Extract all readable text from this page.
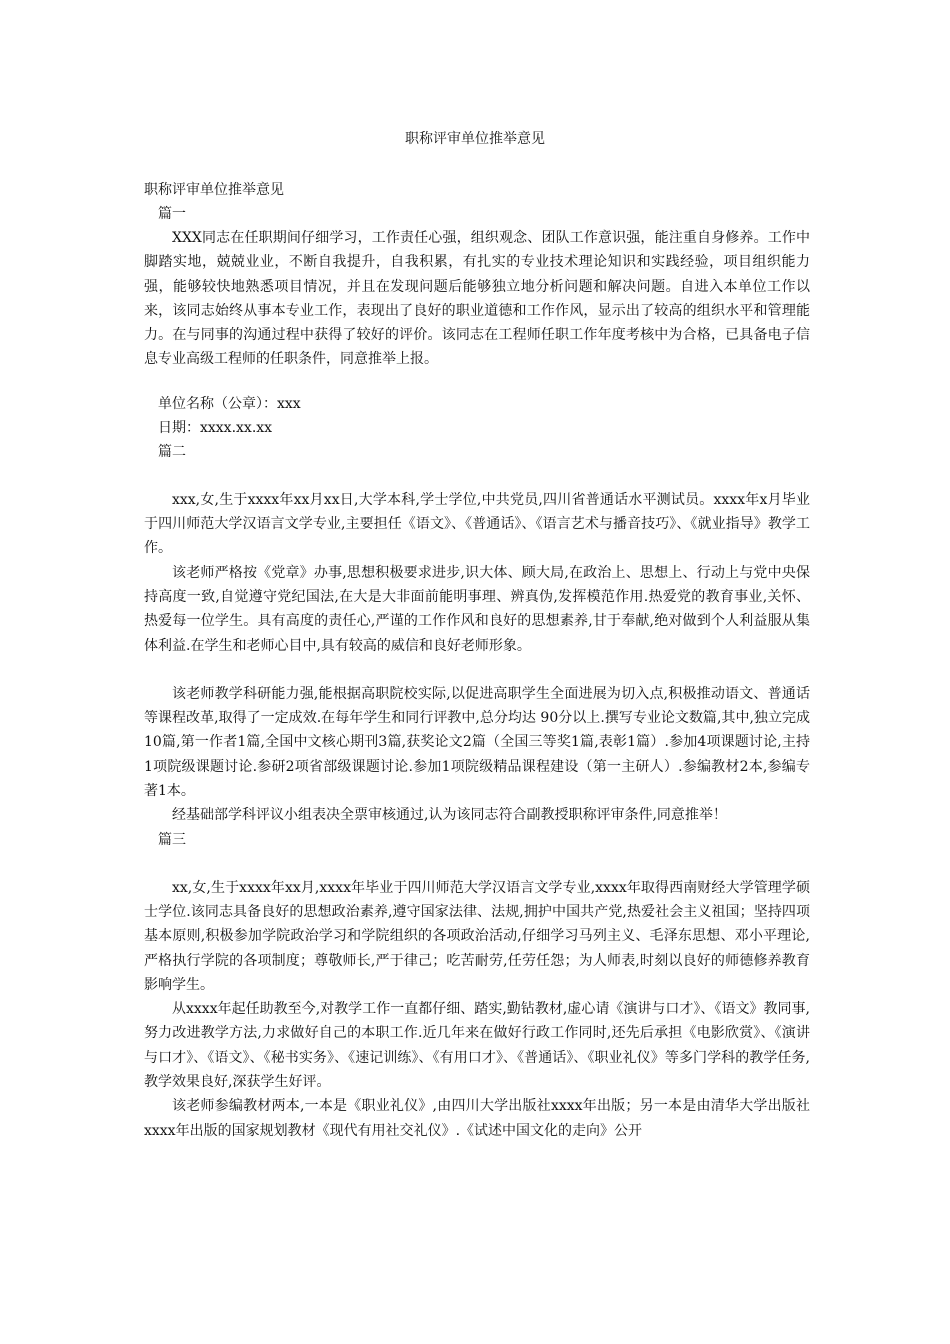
职称评审单位推举意见

职称评审单位推举意见

篇一

XXX同志在任职期间仔细学习，工作责任心强，组织观念、团队工作意识强，能注重自身修养。工作中脚踏实地，兢兢业业，不断自我提升，自我积累，有扎实的专业技术理论知识和实践经验，项目组织能力强，能够较快地熟悉项目情况，并且在发现问题后能够独立地分析问题和解决问题。自进入本单位工作以来，该同志始终从事本专业工作，表现出了良好的职业道德和工作作风，显示出了较高的组织水平和管理能力。在与同事的沟通过程中获得了较好的评价。该同志在工程师任职工作年度考核中为合格，已具备电子信息专业高级工程师的任职条件，同意推举上报。

单位名称（公章）：xxx

日期：xxxx.xx.xx

篇二

xxx,女,生于xxxx年xx月xx日,大学本科,学士学位,中共党员,四川省普通话水平测试员。xxxx年x月毕业于四川师范大学汉语言文学专业,主要担任《语文》、《普通话》、《语言艺术与播音技巧》、《就业指导》教学工作。

该老师严格按《党章》办事,思想积极要求进步,识大体、顾大局,在政治上、思想上、行动上与党中央保持高度一致,自觉遵守党纪国法,在大是大非面前能明事理、辨真伪,发挥模范作用.热爱党的教育事业,关怀、热爱每一位学生。具有高度的责任心,严谨的工作作风和良好的思想素养,甘于奉献,绝对做到个人利益服从集体利益.在学生和老师心目中,具有较高的威信和良好老师形象。

该老师教学科研能力强,能根据高职院校实际,以促进高职学生全面进展为切入点,积极推动语文、普通话等课程改革,取得了一定成效.在每年学生和同行评教中,总分均达 90分以上.撰写专业论文数篇,其中,独立完成10篇,第一作者1篇,全国中文核心期刊3篇,获奖论文2篇（全国三等奖1篇,表彰1篇）.参加4项课题讨论,主持1项院级课题讨论.参研2项省部级课题讨论.参加1项院级精品课程建设（第一主研人）.参编教材2本,参编专著1本。

经基础部学科评议小组表决全票审核通过,认为该同志符合副教授职称评审条件,同意推举！

篇三

xx,女,生于xxxx年xx月,xxxx年毕业于四川师范大学汉语言文学专业,xxxx年取得西南财经大学管理学硕士学位.该同志具备良好的思想政治素养,遵守国家法律、法规,拥护中国共产党,热爱社会主义祖国；坚持四项基本原则,积极参加学院政治学习和学院组织的各项政治活动,仔细学习马列主义、毛泽东思想、邓小平理论,严格执行学院的各项制度；尊敬师长,严于律己；吃苦耐劳,任劳任怨；为人师表,时刻以良好的师德修养教育影响学生。

从xxxx年起任助教至今,对教学工作一直都仔细、踏实,勤钻教材,虚心请《演讲与口才》、《语文》教同事,努力改进教学方法,力求做好自己的本职工作.近几年来在做好行政工作同时,还先后承担《电影欣赏》、《演讲与口才》、《语文》、《秘书实务》、《速记训练》、《有用口才》、《普通话》、《职业礼仪》等多门学科的教学任务,教学效果良好,深获学生好评。

该老师参编教材两本,一本是《职业礼仪》,由四川大学出版社xxxx年出版；另一本是由清华大学出版社xxxx年出版的国家规划教材《现代有用社交礼仪》.《试述中国文化的走向》公开
